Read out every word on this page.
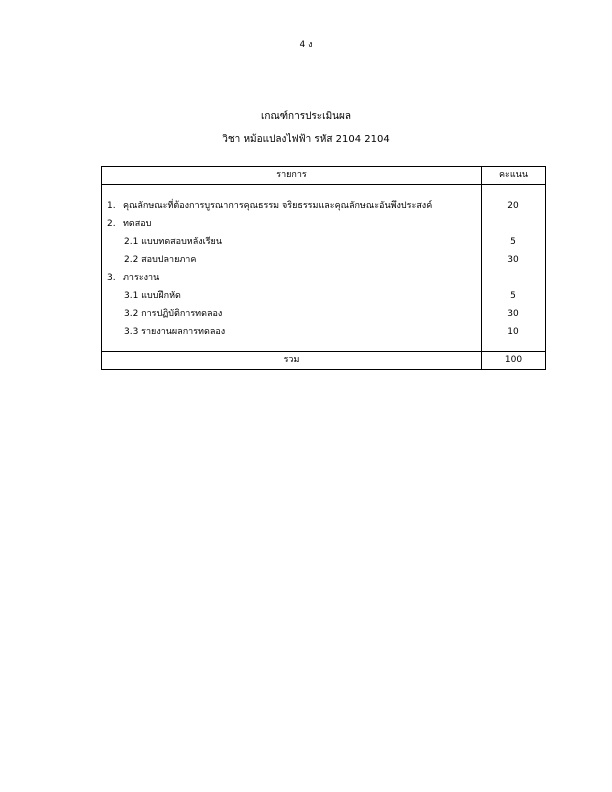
4 ง
เกณฑ์การประเมินผล
วิชา หม้อแปลงไฟฟ้า รหัส 2104 2104
รายการ	คะแนน
1. คุณลักษณะที่ต้องการบูรณาการคุณธรรม จริยธรรมและคุณลักษณะอันพึงประสงค์	20
2. ทดสอบ
2.1 แบบทดสอบหลังเรียน	5
2.2 สอบปลายภาค	30
3. ภาระงาน
3.1 แบบฝึกหัด	5
3.2 การปฏิบัติการทดลอง	30
3.3 รายงานผลการทดลอง	10
รวม	100
